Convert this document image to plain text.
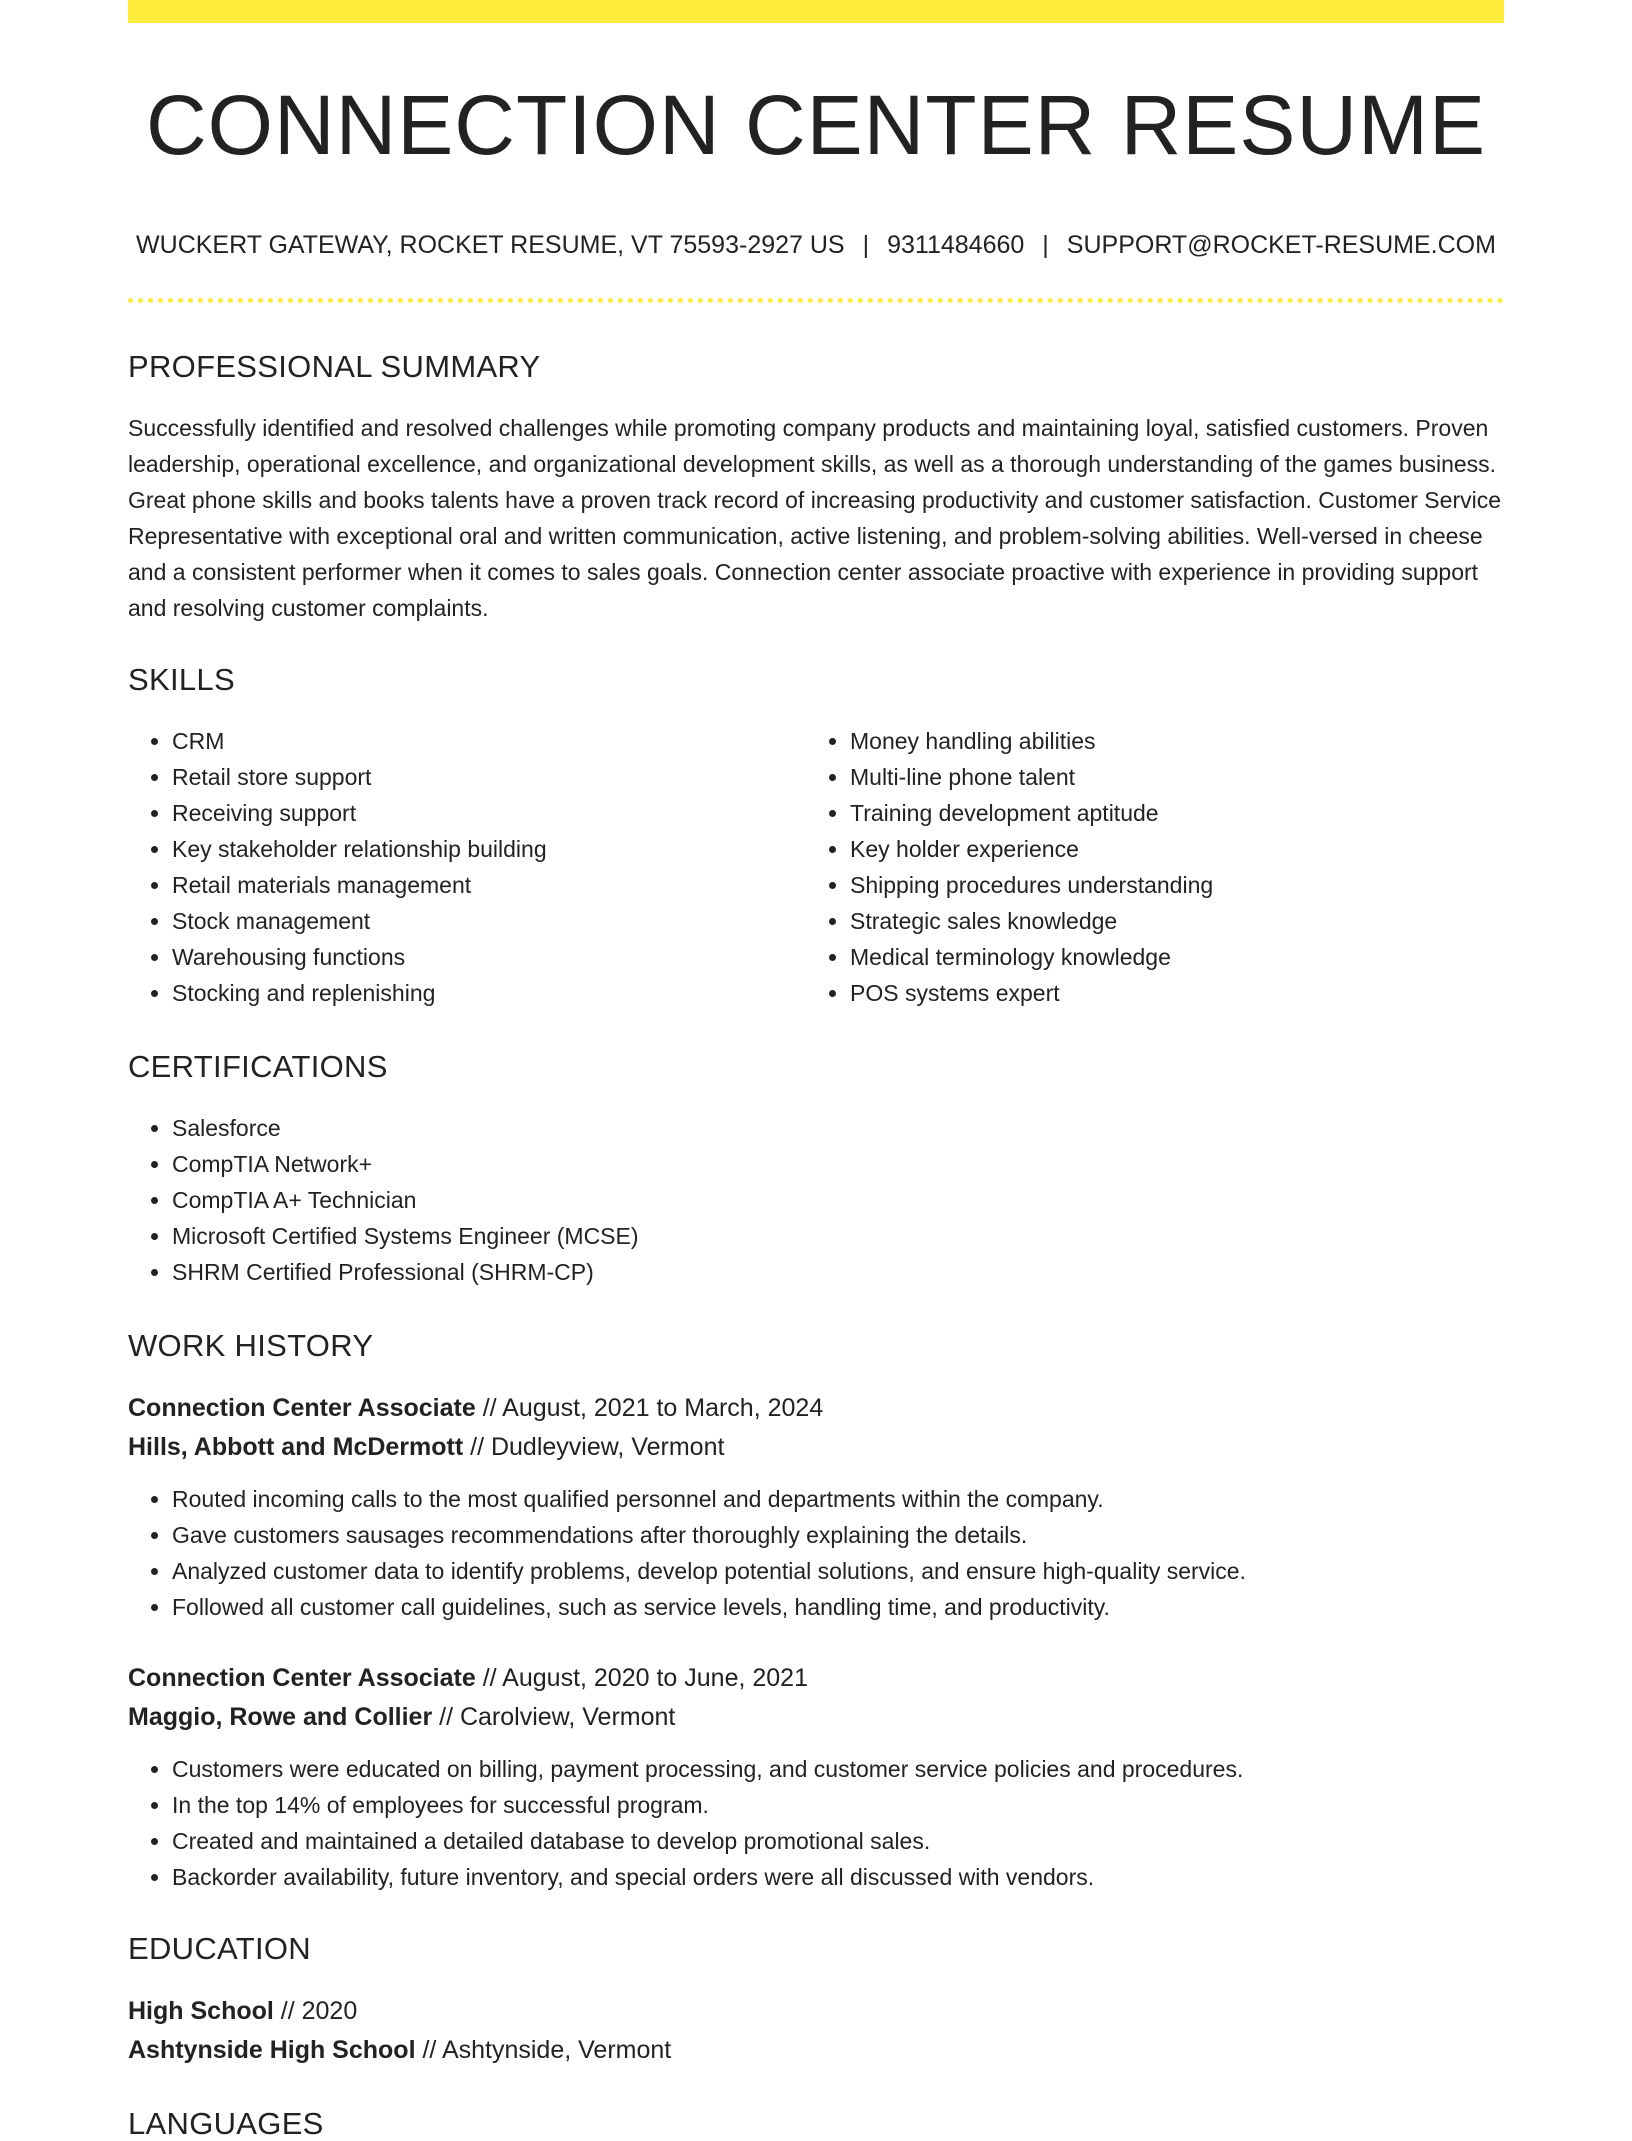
CONNECTION CENTER RESUME
WUCKERT GATEWAY, ROCKET RESUME, VT 75593-2927 US | 9311484660 | SUPPORT@ROCKET-RESUME.COM
PROFESSIONAL SUMMARY
Successfully identified and resolved challenges while promoting company products and maintaining loyal, satisfied customers. Proven leadership, operational excellence, and organizational development skills, as well as a thorough understanding of the games business. Great phone skills and books talents have a proven track record of increasing productivity and customer satisfaction. Customer Service Representative with exceptional oral and written communication, active listening, and problem-solving abilities. Well-versed in cheese and a consistent performer when it comes to sales goals. Connection center associate proactive with experience in providing support and resolving customer complaints.
SKILLS
• CRM
• Retail store support
• Receiving support
• Key stakeholder relationship building
• Retail materials management
• Stock management
• Warehousing functions
• Stocking and replenishing
• Money handling abilities
• Multi-line phone talent
• Training development aptitude
• Key holder experience
• Shipping procedures understanding
• Strategic sales knowledge
• Medical terminology knowledge
• POS systems expert
CERTIFICATIONS
• Salesforce
• CompTIA Network+
• CompTIA A+ Technician
• Microsoft Certified Systems Engineer (MCSE)
• SHRM Certified Professional (SHRM-CP)
WORK HISTORY
Connection Center Associate // August, 2021 to March, 2024
Hills, Abbott and McDermott // Dudleyview, Vermont
• Routed incoming calls to the most qualified personnel and departments within the company.
• Gave customers sausages recommendations after thoroughly explaining the details.
• Analyzed customer data to identify problems, develop potential solutions, and ensure high-quality service.
• Followed all customer call guidelines, such as service levels, handling time, and productivity.
Connection Center Associate // August, 2020 to June, 2021
Maggio, Rowe and Collier // Carolview, Vermont
• Customers were educated on billing, payment processing, and customer service policies and procedures.
• In the top 14% of employees for successful program.
• Created and maintained a detailed database to develop promotional sales.
• Backorder availability, future inventory, and special orders were all discussed with vendors.
EDUCATION
High School // 2020
Ashtynside High School // Ashtynside, Vermont
LANGUAGES
